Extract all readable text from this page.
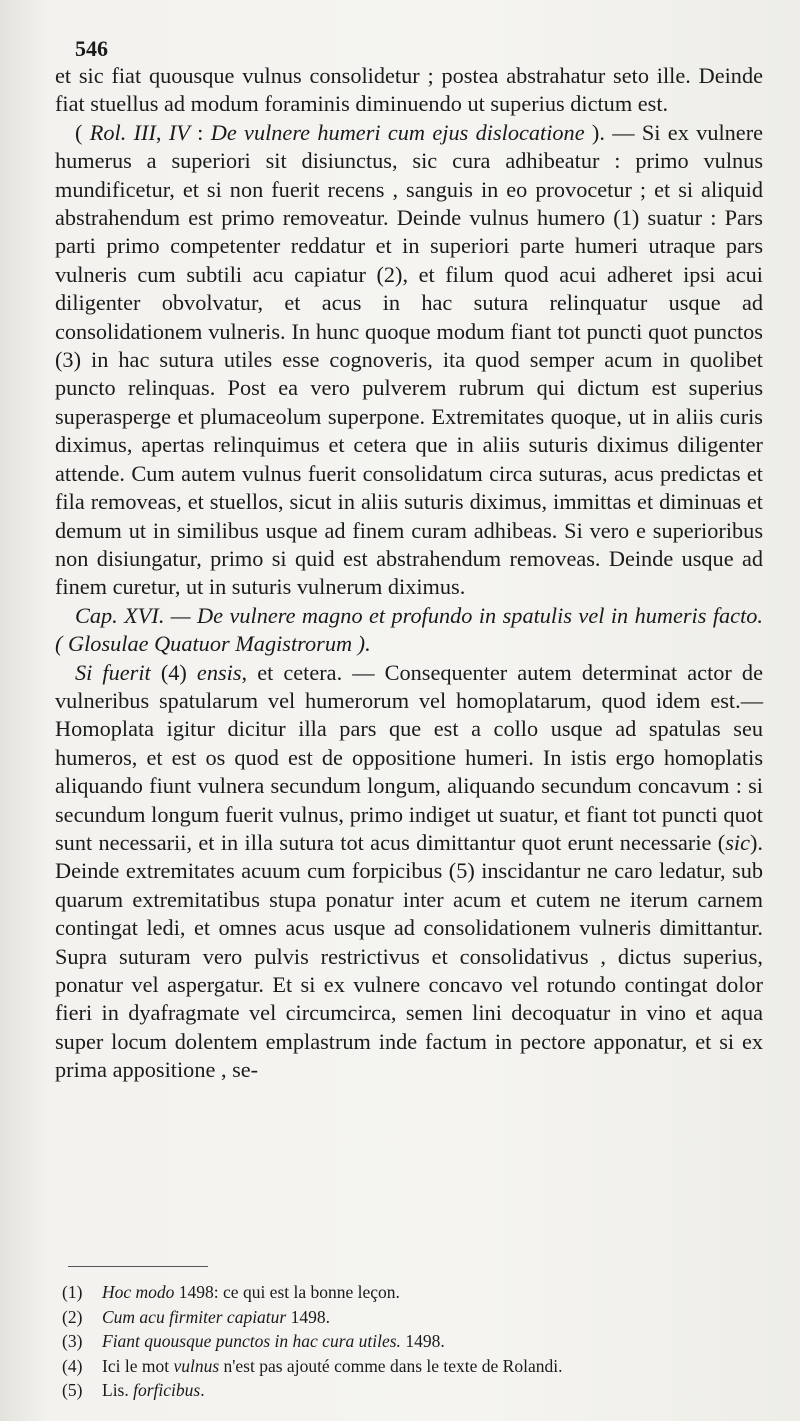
546

et sic fiat quousque vulnus consolidetur ; postea abstrahatur seto ille. Deinde fiat stuellus ad modum foraminis diminuendo ut superius dictum est.

( Rol. III, IV : De vulnere humeri cum ejus dislocatione ). — Si ex vulnere humerus a superiori sit disiunctus, sic cura adhibeatur : primo vulnus mundificetur, et si non fuerit recens , sanguis in eo provocetur ; et si aliquid abstrahendum est primo removeatur. Deinde vulnus humero (1) suatur : Pars parti primo competenter reddatur et in superiori parte humeri utraque pars vulneris cum subtili acu capiatur (2), et filum quod acui adheret ipsi acui diligenter obvolvatur, et acus in hac sutura relinquatur usque ad consolidationem vulneris. In hunc quoque modum fiant tot puncti quot punctos (3) in hac sutura utiles esse cognoveris, ita quod semper acum in quolibet puncto relinquas. Post ea vero pulverem rubrum qui dictum est superius superasperge et plumaceolum superpone. Extremitates quoque, ut in aliis curis diximus, apertas relinquimus et cetera que in aliis suturis diximus diligenter attende. Cum autem vulnus fuerit consolidatum circa suturas, acus predictas et fila removeas, et stuellos, sicut in aliis suturis diximus, immittas et diminuas et demum ut in similibus usque ad finem curam adhibeas. Si vero e superioribus non disiungatur, primo si quid est abstrahendum removeas. Deinde usque ad finem curetur, ut in suturis vulnerum diximus.

Cap. XVI. — De vulnere magno et profundo in spatulis vel in humeris facto. ( Glosulae Quatuor Magistrorum ).

Si fuerit (4) ensis, et cetera. — Consequenter autem determinat actor de vulneribus spatularum vel humerorum vel homoplatarum, quod idem est.— Homoplata igitur dicitur illa pars que est a collo usque ad spatulas seu humeros, et est os quod est de oppositione humeri. In istis ergo homoplatis aliquando fiunt vulnera secundum longum, aliquando secundum concavum : si secundum longum fuerit vulnus, primo indiget ut suatur, et fiant tot puncti quot sunt necessarii, et in illa sutura tot acus dimittantur quot erunt necessarie (sic). Deinde extremitates acuum cum forpicibus (5) inscidantur ne caro ledatur, sub quarum extremitatibus stupa ponatur inter acum et cutem ne iterum carnem contingat ledi, et omnes acus usque ad consolidationem vulneris dimittantur. Supra suturam vero pulvis restrictivus et consolidativus , dictus superius, ponatur vel aspergatur. Et si ex vulnere concavo vel rotundo contingat dolor fieri in dyafragmate vel circumcirca, semen lini decoquatur in vino et aqua super locum dolentem emplastrum inde factum in pectore apponatur, et si ex prima appositione , se-

(1) Hoc modo 1498: ce qui est la bonne leçon.
(2) Cum acu firmiter capiatur 1498.
(3) Fiant quousque punctos in hac cura utiles. 1498.
(4) Ici le mot vulnus n'est pas ajouté comme dans le texte de Rolandi.
(5) Lis. forficibus.
